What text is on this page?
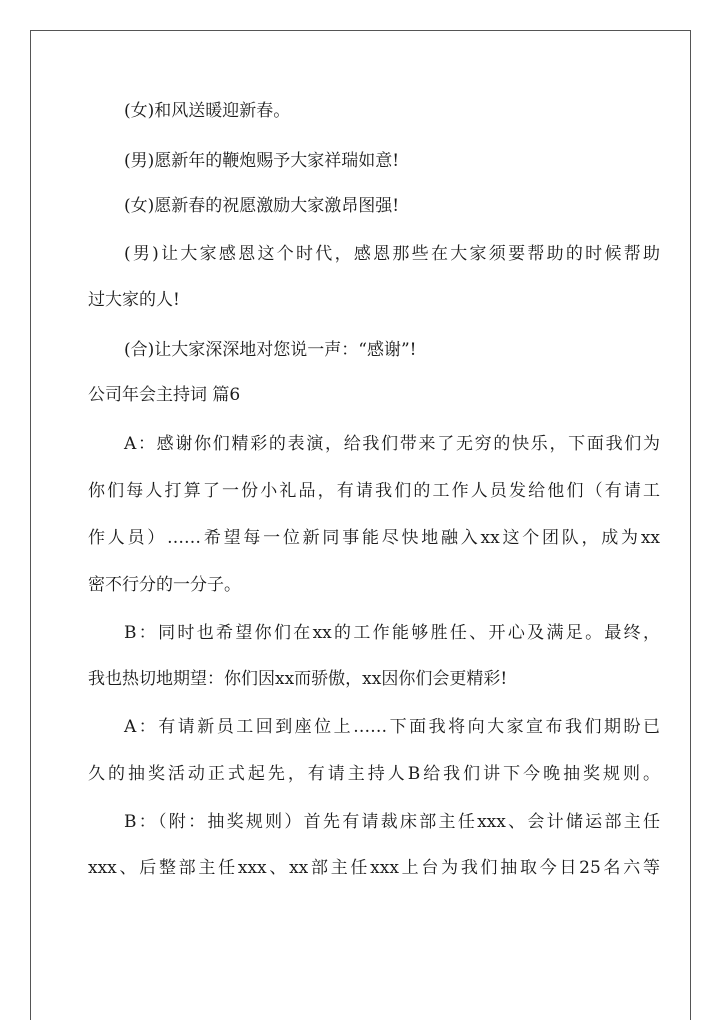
(女)和风送暖迎新春。
(男)愿新年的鞭炮赐予大家祥瑞如意!
(女)愿新春的祝愿激励大家激昂图强!
(男)让大家感恩这个时代，感恩那些在大家须要帮助的时候帮助
过大家的人!
(合)让大家深深地对您说一声：“感谢”!
公司年会主持词 篇6
A：感谢你们精彩的表演，给我们带来了无穷的快乐，下面我们为
你们每人打算了一份小礼品，有请我们的工作人员发给他们（有请工
作人员）……希望每一位新同事能尽快地融入xx这个团队，成为xx
密不行分的一分子。
B：同时也希望你们在xx的工作能够胜任、开心及满足。最终，
我也热切地期望：你们因xx而骄傲，xx因你们会更精彩!
A：有请新员工回到座位上……下面我将向大家宣布我们期盼已
久的抽奖活动正式起先，有请主持人B给我们讲下今晚抽奖规则。
B：（附：抽奖规则）首先有请裁床部主任xxx、会计储运部主任
xxx、后整部主任xxx、xx部主任xxx上台为我们抽取今日25名六等
